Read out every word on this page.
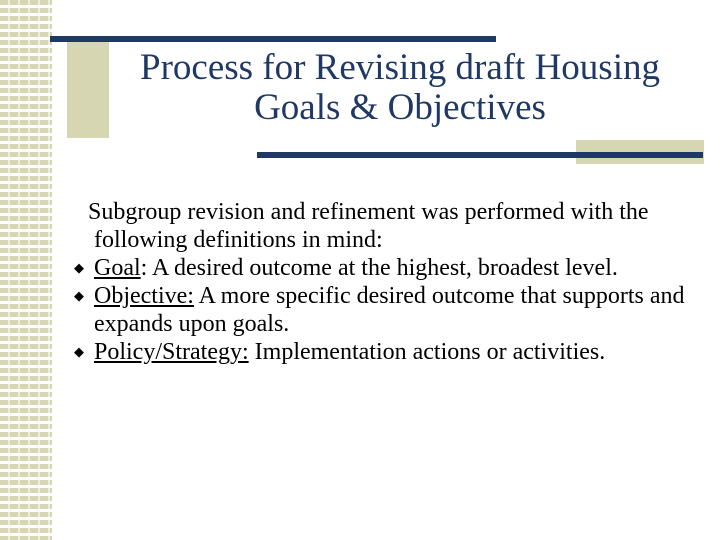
Process for Revising draft Housing Goals & Objectives

Subgroup revision and refinement was performed with the following definitions in mind:

◆ Goal: A desired outcome at the highest, broadest level.
◆ Objective: A more specific desired outcome that supports and expands upon goals.
◆ Policy/Strategy: Implementation actions or activities.
